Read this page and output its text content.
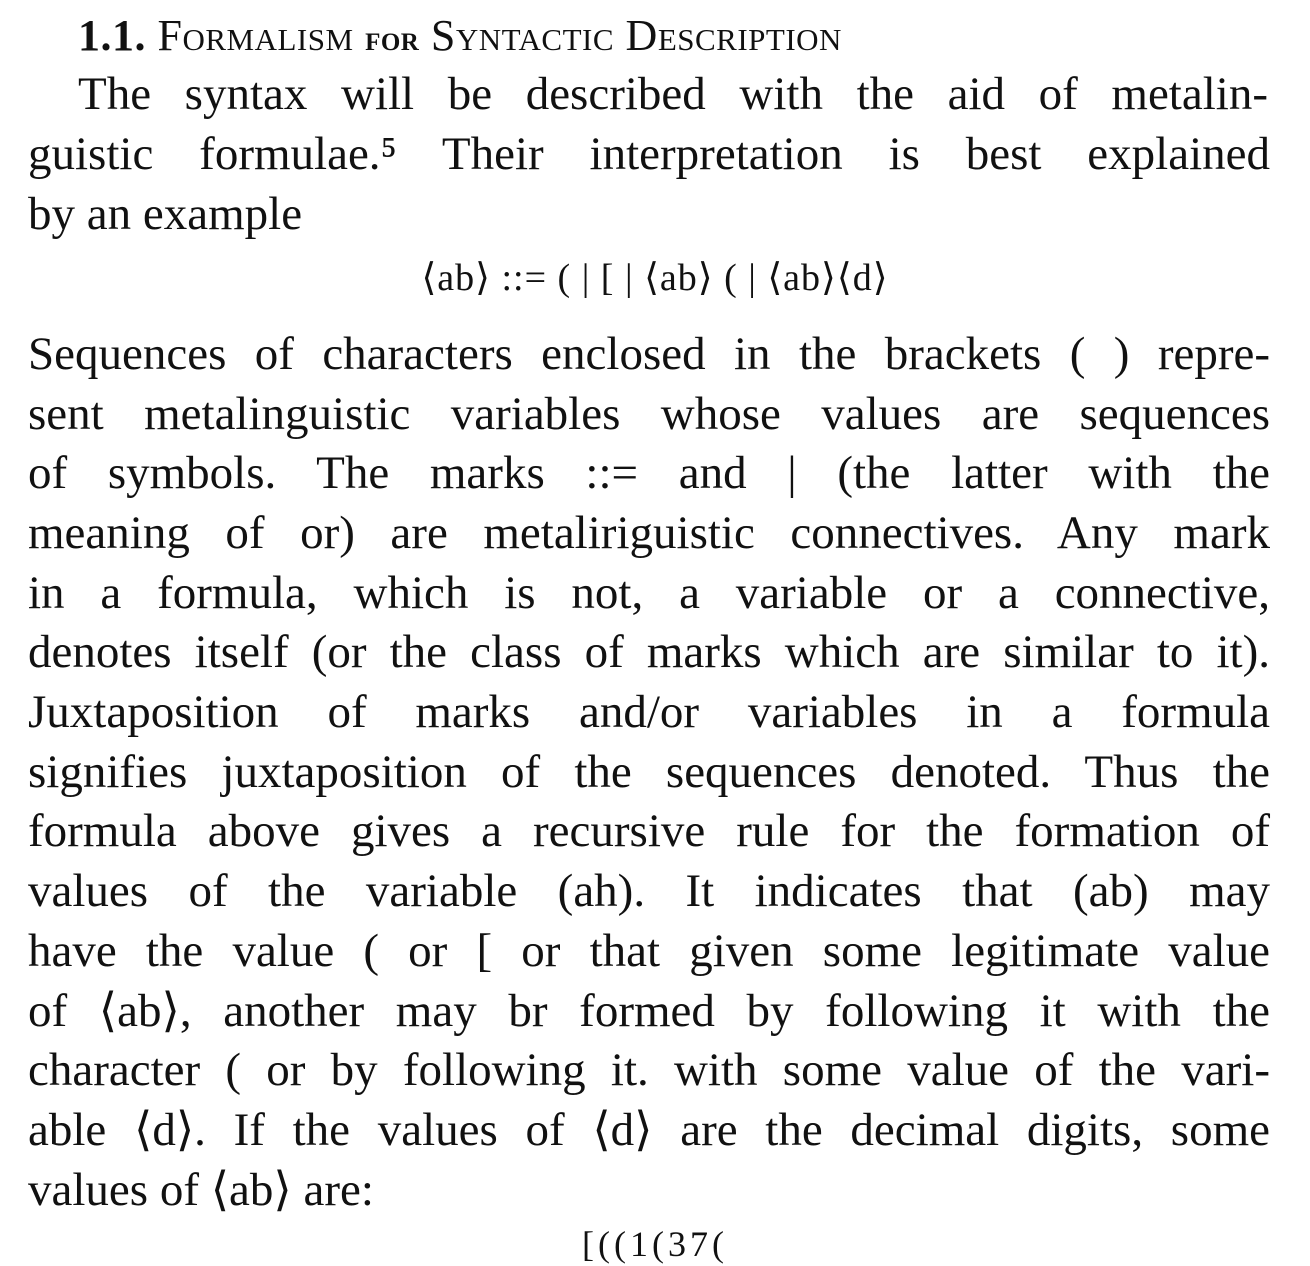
1.1. Formalism for Syntactic Description
The syntax will be described with the aid of metalin-
guistic formulae.⁵ Their interpretation is best explained
by an example
⟨ab⟩ ::= ( | [ | ⟨ab⟩ ( | ⟨ab⟩⟨d⟩
Sequences of characters enclosed in the brackets ( ) repre-
sent metalinguistic variables whose values are sequences
of symbols. The marks ::= and | (the latter with the
meaning of or) are metaliriguistic connectives. Any mark
in a formula, which is not, a variable or a connective,
denotes itself (or the class of marks which are similar to it).
Juxtaposition of marks and/or variables in a formula
signifies juxtaposition of the sequences denoted. Thus the
formula above gives a recursive rule for the formation of
values of the variable (ah). It indicates that (ab) may
have the value ( or [ or that given some legitimate value
of ⟨ab⟩, another may br formed by following it with the
character ( or by following it. with some value of the vari-
able ⟨d⟩. If the values of ⟨d⟩ are the decimal digits, some
values of ⟨ab⟩ are:
[((1(37(
